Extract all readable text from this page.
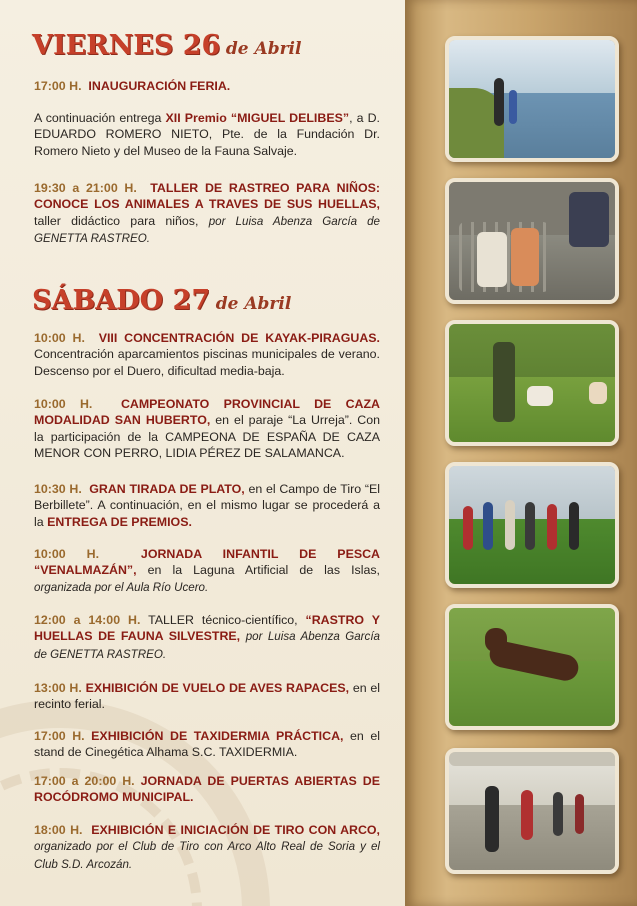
VIERNES 26 de Abril
17:00 H. INAUGURACIÓN FERIA.
A continuación entrega XII Premio “MIGUEL DELIBES”, a D. EDUARDO ROMERO NIETO, Pte. de la Fundación Dr. Romero Nieto y del Museo de la Fauna Salvaje.
19:30 a 21:00 H. TALLER DE RASTREO PARA NIÑOS: CONOCE LOS ANIMALES A TRAVES DE SUS HUELLAS, taller didáctico para niños, por Luisa Abenza García de GENETTA RASTREO.
SÁBADO 27 de Abril
10:00 H. VIII CONCENTRACIÓN DE KAYAK-PIRAGUAS. Concentración aparcamientos piscinas municipales de verano. Descenso por el Duero, dificultad media-baja.
10:00 H. CAMPEONATO PROVINCIAL DE CAZA MODALIDAD SAN HUBERTO, en el paraje “La Urreja”. Con la participación de la CAMPEONA DE ESPAÑA DE CAZA MENOR CON PERRO, LIDIA PÉREZ DE SALAMANCA.
10:30 H. GRAN TIRADA DE PLATO, en el Campo de Tiro “El Berbillete”. A continuación, en el mismo lugar se procederá a la ENTREGA DE PREMIOS.
10:00 H.	JORNADA INFANTIL DE PESCA “VENALMAZÁN”, en la Laguna Artificial de las Islas, organizada por el Aula Río Ucero.
12:00 a 14:00 H. TALLER técnico-científico, “RASTRO Y HUELLAS DE FAUNA SILVESTRE, por Luisa Abenza García de GENETTA RASTREO.
13:00 H. EXHIBICIÓN DE VUELO DE AVES RAPACES, en el recinto ferial.
17:00 H. EXHIBICIÓN DE TAXIDERMIA PRÁCTICA, en el stand de Cinegética Alhama S.C. TAXIDERMIA.
17:00 a 20:00 H. JORNADA DE PUERTAS ABIERTAS DE ROCÓDROMO MUNICIPAL.
18:00 H. EXHIBICIÓN E INICIACIÓN DE TIRO CON ARCO, organizado por el Club de Tiro con Arco Alto Real de Soria y el Club S.D. Arcozán.
